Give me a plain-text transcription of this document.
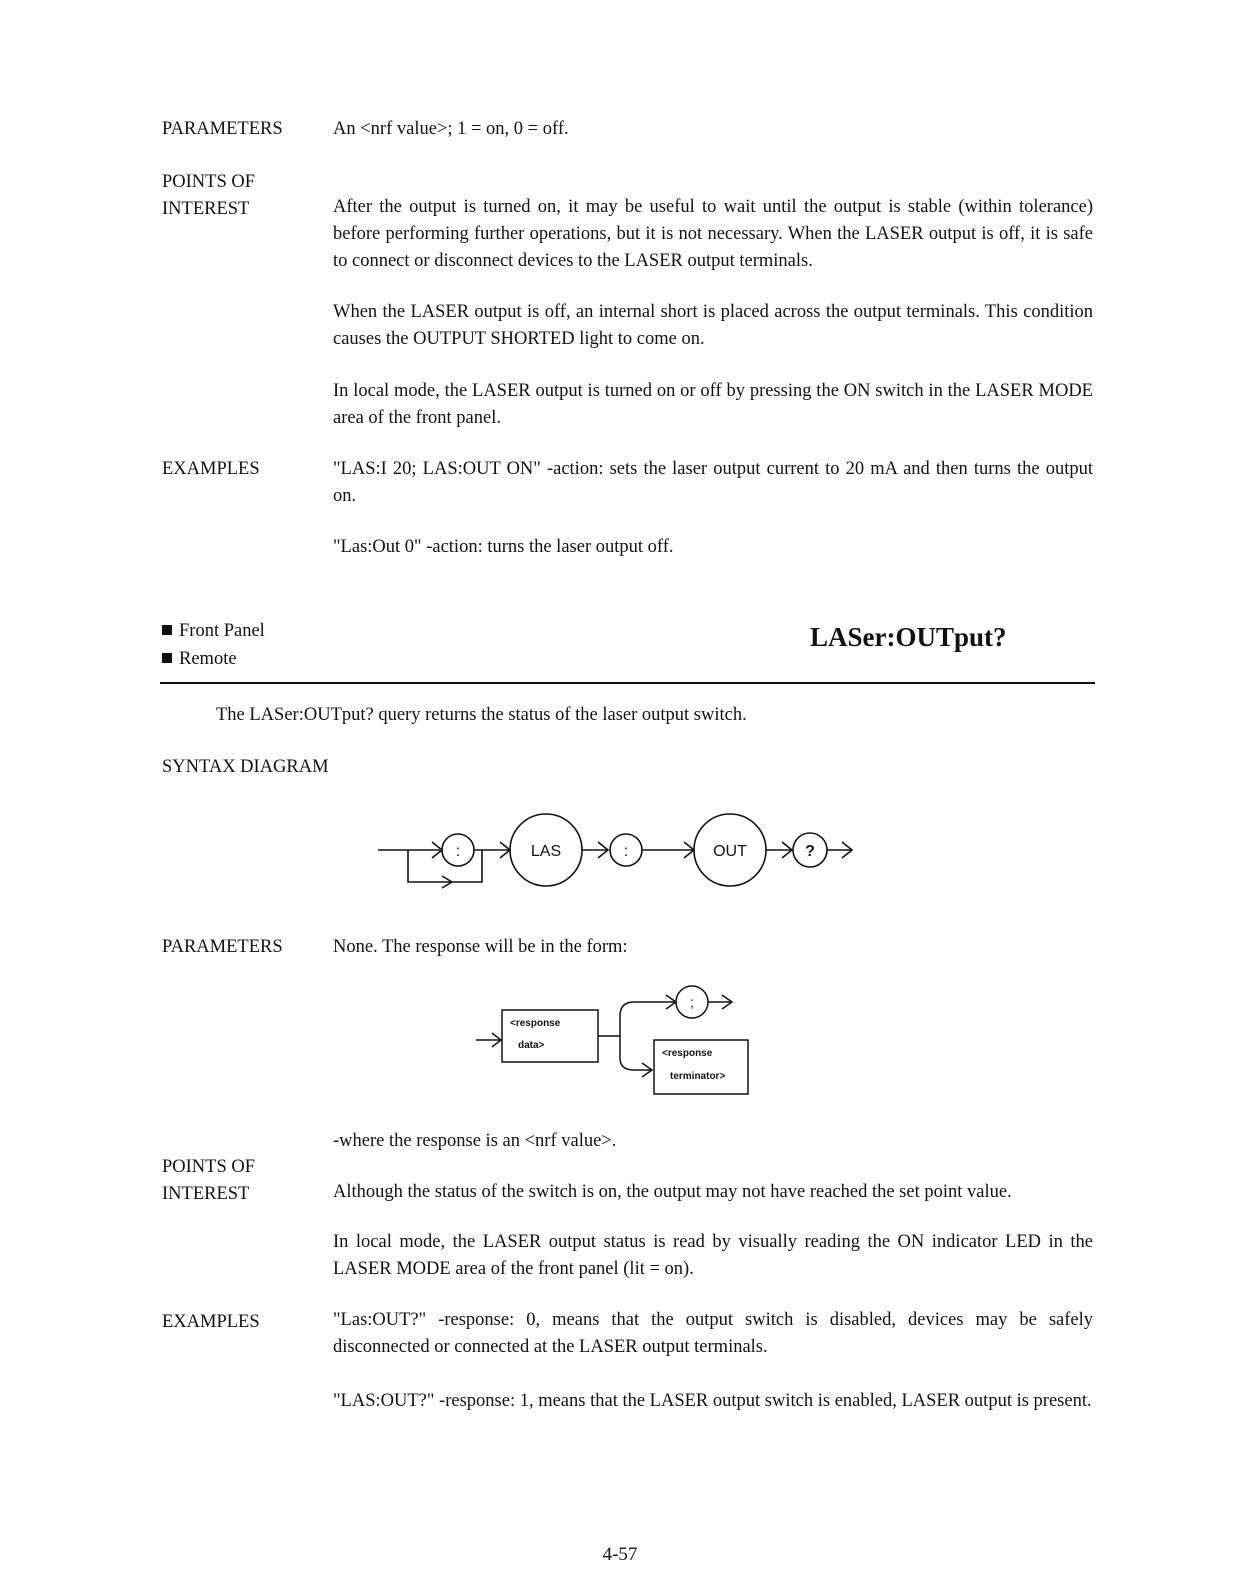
PARAMETERS	An <nrf value>; 1 = on, 0 = off.
POINTS OF
INTEREST	After the output is turned on, it may be useful to wait until the output is stable (within tolerance) before performing further operations, but it is not necessary. When the LASER output is off, it is safe to connect or disconnect devices to the LASER output terminals.
When the LASER output is off, an internal short is placed across the output terminals. This condition causes the OUTPUT SHORTED light to come on.
In local mode, the LASER output is turned on or off by pressing the ON switch in the LASER MODE area of the front panel.
EXAMPLES	"LAS:I 20; LAS:OUT ON" -action: sets the laser output current to 20 mA and then turns the output on.
"Las:Out 0" -action: turns the laser output off.
Front Panel
Remote
LASer:OUTput?
The LASer:OUTput? query returns the status of the laser output switch.
SYNTAX DIAGRAM
:	LAS	:	OUT	?
PARAMETERS	None. The response will be in the form:
<response
data>
;
<response
terminator>
-where the response is an <nrf value>.
POINTS OF
INTEREST	Although the status of the switch is on, the output may not have reached the set point value.
In local mode, the LASER output status is read by visually reading the ON indicator LED in the LASER MODE area of the front panel (lit = on).
EXAMPLES	"Las:OUT?" -response: 0, means that the output switch is disabled, devices may be safely disconnected or connected at the LASER output terminals.
"LAS:OUT?" -response: 1, means that the LASER output switch is enabled, LASER output is present.
4-57
